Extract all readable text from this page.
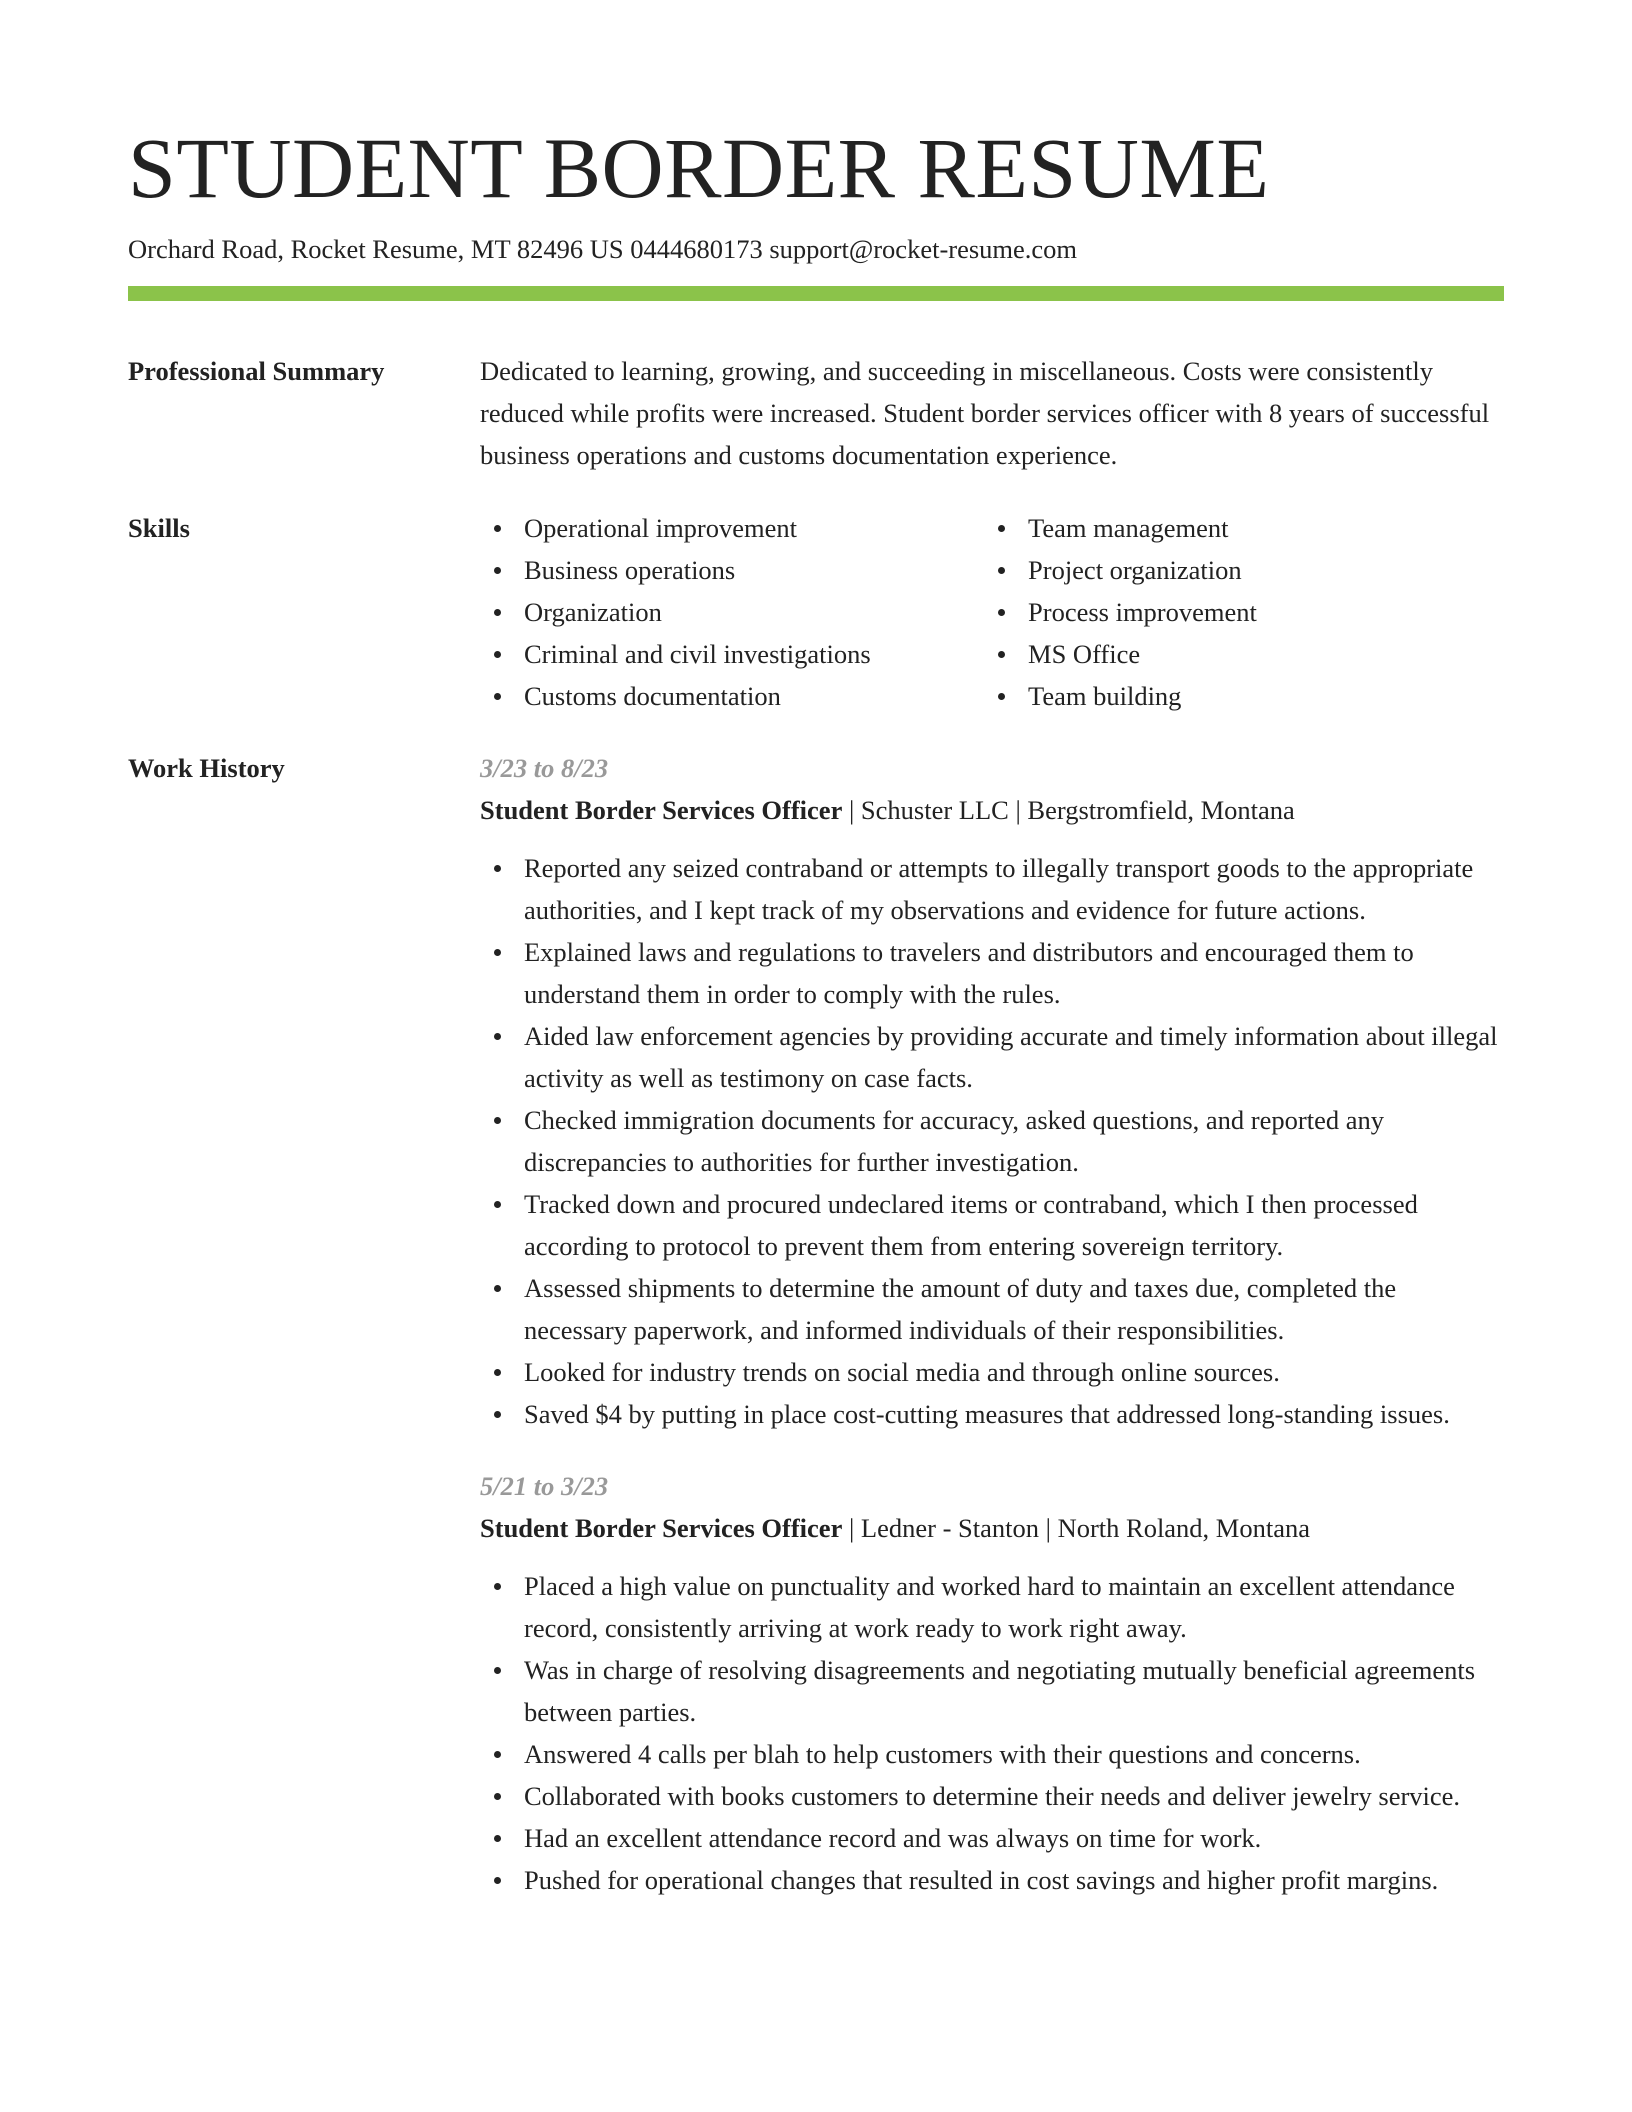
STUDENT BORDER RESUME
Orchard Road, Rocket Resume, MT 82496 US 0444680173 support@rocket-resume.com
Professional Summary	Dedicated to learning, growing, and succeeding in miscellaneous. Costs were consistently reduced while profits were increased. Student border services officer with 8 years of successful business operations and customs documentation experience.

Skills	Operational improvement
Business operations
Organization
Criminal and civil investigations
Customs documentation
Team management
Project organization
Process improvement
MS Office
Team building
Work History	3/23 to 8/23
Student Border Services Officer | Schuster LLC | Bergstromfield, Montana
Reported any seized contraband or attempts to illegally transport goods to the appropriate authorities, and I kept track of my observations and evidence for future actions.
Explained laws and regulations to travelers and distributors and encouraged them to understand them in order to comply with the rules.
Aided law enforcement agencies by providing accurate and timely information about illegal activity as well as testimony on case facts.
Checked immigration documents for accuracy, asked questions, and reported any discrepancies to authorities for further investigation.
Tracked down and procured undeclared items or contraband, which I then processed according to protocol to prevent them from entering sovereign territory.
Assessed shipments to determine the amount of duty and taxes due, completed the necessary paperwork, and informed individuals of their responsibilities.
Looked for industry trends on social media and through online sources.
Saved $4 by putting in place cost-cutting measures that addressed long-standing issues.
5/21 to 3/23
Student Border Services Officer | Ledner - Stanton | North Roland, Montana
Placed a high value on punctuality and worked hard to maintain an excellent attendance record, consistently arriving at work ready to work right away.
Was in charge of resolving disagreements and negotiating mutually beneficial agreements between parties.
Answered 4 calls per blah to help customers with their questions and concerns.
Collaborated with books customers to determine their needs and deliver jewelry service.
Had an excellent attendance record and was always on time for work.
Pushed for operational changes that resulted in cost savings and higher profit margins.
